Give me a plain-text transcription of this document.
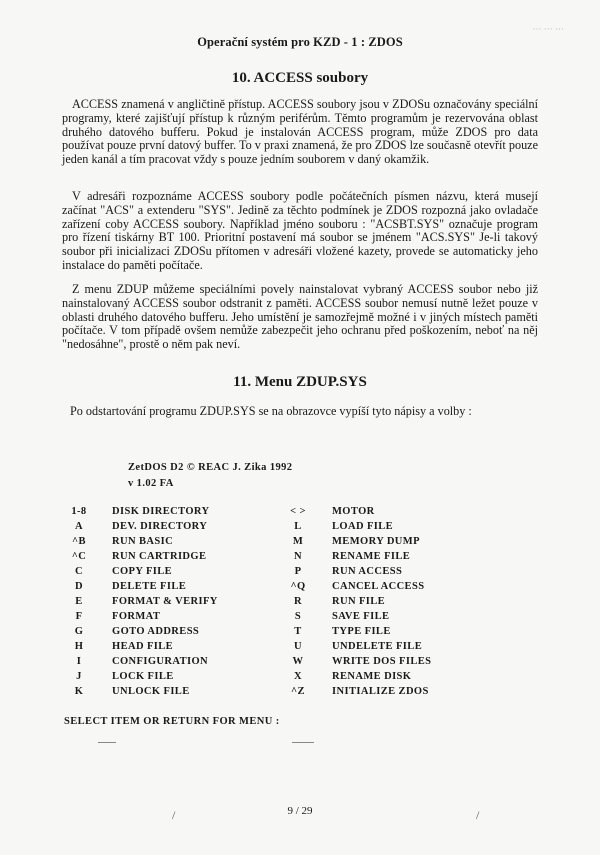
Operační systém pro KZD - 1 : ZDOS
··· ··· ···
10. ACCESS soubory

ACCESS znamená v angličtině přístup. ACCESS soubory jsou v ZDOSu označovány speciální programy, které zajišťují přístup k různým periférům. Těmto programům je rezervována oblast druhého datového bufferu. Pokud je instalován ACCESS program, může ZDOS pro data používat pouze první datový buffer. To v praxi znamená, že pro ZDOS lze současně otevřít pouze jeden kanál a tím pracovat vždy s pouze jedním souborem v daný okamžik.

V adresáři rozpoznáme ACCESS soubory podle počátečních písmen názvu, která musejí začínat "ACS" a extenderu "SYS". Jedině za těchto podmínek je ZDOS rozpozná jako ovladače zařízení coby ACCESS soubory. Například jméno souboru : "ACSBT.SYS" označuje program pro řízení tiskárny BT 100. Prioritní postavení má soubor se jménem "ACS.SYS" Je-li takový soubor při inicializaci ZDOSu přítomen v adresáři vložené kazety, provede se automaticky jeho instalace do paměti počítače.

Z menu ZDUP můžeme speciálními povely nainstalovat vybraný ACCESS soubor nebo již nainstalovaný ACCESS soubor odstranit z paměti. ACCESS soubor nemusí nutně ležet pouze v oblasti druhého datového bufferu. Jeho umístění je samozřejmě možné i v jiných místech paměti počítače. V tom případě ovšem nemůže zabezpečit jeho ochranu před poškozením, neboť na něj "nedosáhne", prostě o něm pak neví.

11. Menu ZDUP.SYS
Po odstartování programu ZDUP.SYS se na obrazovce vypíší tyto nápisy a volby :
ZetDOS D2 © REAC J. Zika 1992
v 1.02 FA
1-8	DISK DIRECTORY	< >	MOTOR
A	DEV. DIRECTORY	L	LOAD FILE
^B	RUN BASIC	M	MEMORY DUMP
^C	RUN CARTRIDGE	N	RENAME FILE
C	COPY FILE	P	RUN ACCESS
D	DELETE FILE	^Q	CANCEL ACCESS
E	FORMAT & VERIFY	R	RUN FILE
F	FORMAT	S	SAVE FILE
G	GOTO ADDRESS	T	TYPE FILE
H	HEAD FILE	U	UNDELETE FILE
I	CONFIGURATION	W	WRITE DOS FILES
J	LOCK FILE	X	RENAME DISK
K	UNLOCK FILE	^Z	INITIALIZE ZDOS
SELECT ITEM OR RETURN FOR MENU :
/	/
9 / 29
